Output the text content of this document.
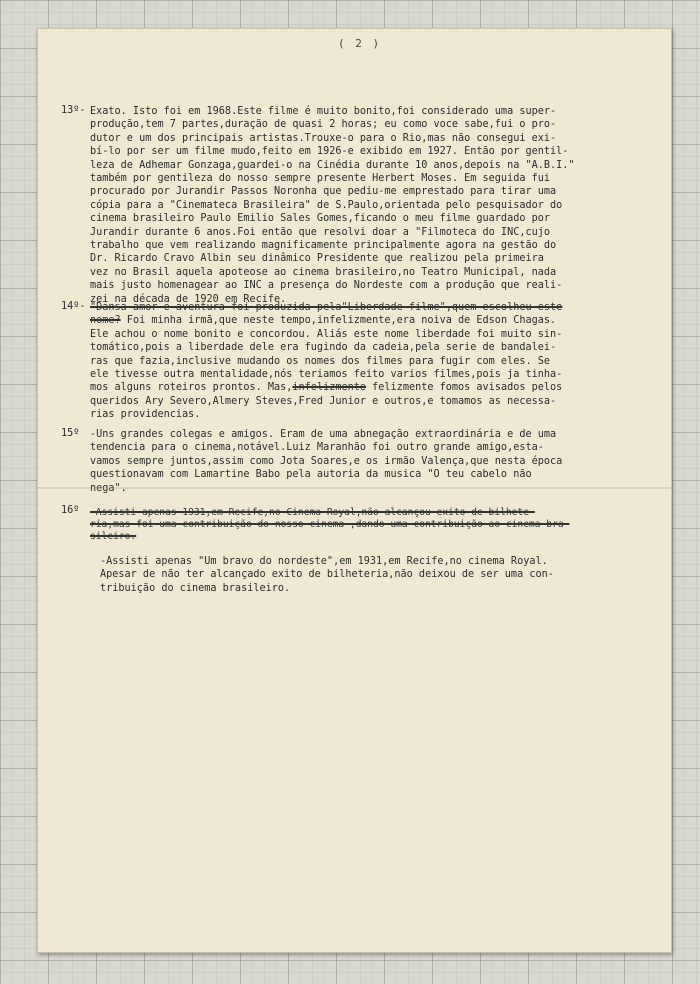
( 2 )
13º- Exato. Isto foi em 1968.Este filme é muito bonito,foi considerado uma super-
produção,tem 7 partes,duração de quasi 2 horas; eu como voce sabe,fui o pro-
dutor e um dos principais artistas.Trouxe-o para o Rio,mas não consegui exi-
bí-lo por ser um filme mudo,feito em 1926-e exibido em 1927. Então por gentil-
leza de Adhemar Gonzaga,guardei-o na Cinédia durante 10 anos,depois na "A.B.I."
também por gentileza do nosso sempre presente Herbert Moses. Em seguida fui
procurado por Jurandir Passos Noronha que pediu-me emprestado para tirar uma
cópia para a "Cinemateca Brasileira" de S.Paulo,orientada pelo pesquisador do
cinema brasileiro Paulo Emilio Sales Gomes,ficando o meu filme guardado por
Jurandir durante 6 anos.Foi então que resolvi doar a "Filmoteca do INC,cujo
trabalho que vem realizando magnificamente principalmente agora na gestão do
Dr. Ricardo Cravo Albin seu dinâmico Presidente que realizou pela primeira
vez no Brasil aquela apoteose ao cinema brasileiro,no Teatro Municipal, nada
mais justo homenagear ao INC a presença do Nordeste com a produção que reali-
zei na década de 1920 em Recife.
14º- "Dansa amor e aventura foi produzida pela"Liberdade-filme",quem escolheu este
nome? Foi minha irmã,que neste tempo,infelizmente,era noiva de Edson Chagas.
Ele achou o nome bonito e concordou. Aliás este nome liberdade foi muito sin-
tomático,pois a liberdade dele era fugindo da cadeia,pela serie de bandalei-
ras que fazia,inclusive mudando os nomes dos filmes para fugir com eles. Se
ele tivesse outra mentalidade,nós teriamos feito varios filmes,pois ja tinha-
mos alguns roteiros prontos. Mas,infelizmente felizmente fomos avisados pelos
queridos Ary Severo,Almery Steves,Fred Junior e outros,e tomamos as necessa-
rias providencias.
15º -Uns grandes colegas e amigos. Eram de uma abnegação extraordinária e de uma
tendencia para o cinema,notável.Luiz Maranhão foi outro grande amigo,esta-
vamos sempre juntos,assim como Jota Soares,e os irmão Valença,que nesta época
questionavam com Lamartine Babo pela autoria da musica "O teu cabelo não
nega".
16º -Assisti apenas 1931,em Recife,no Cinema Royal,não alcançou exito de bilhete-
ria,mas foi uma contribuição do nosso cinema ,dando uma contribuição ao cinema bra-
sileiro.
-Assisti apenas "Um bravo do nordeste",em 1931,em Recife,no cinema Royal.
Apesar de não ter alcançado exito de bilheteria,não deixou de ser uma con-
tribuição do cinema brasileiro.
